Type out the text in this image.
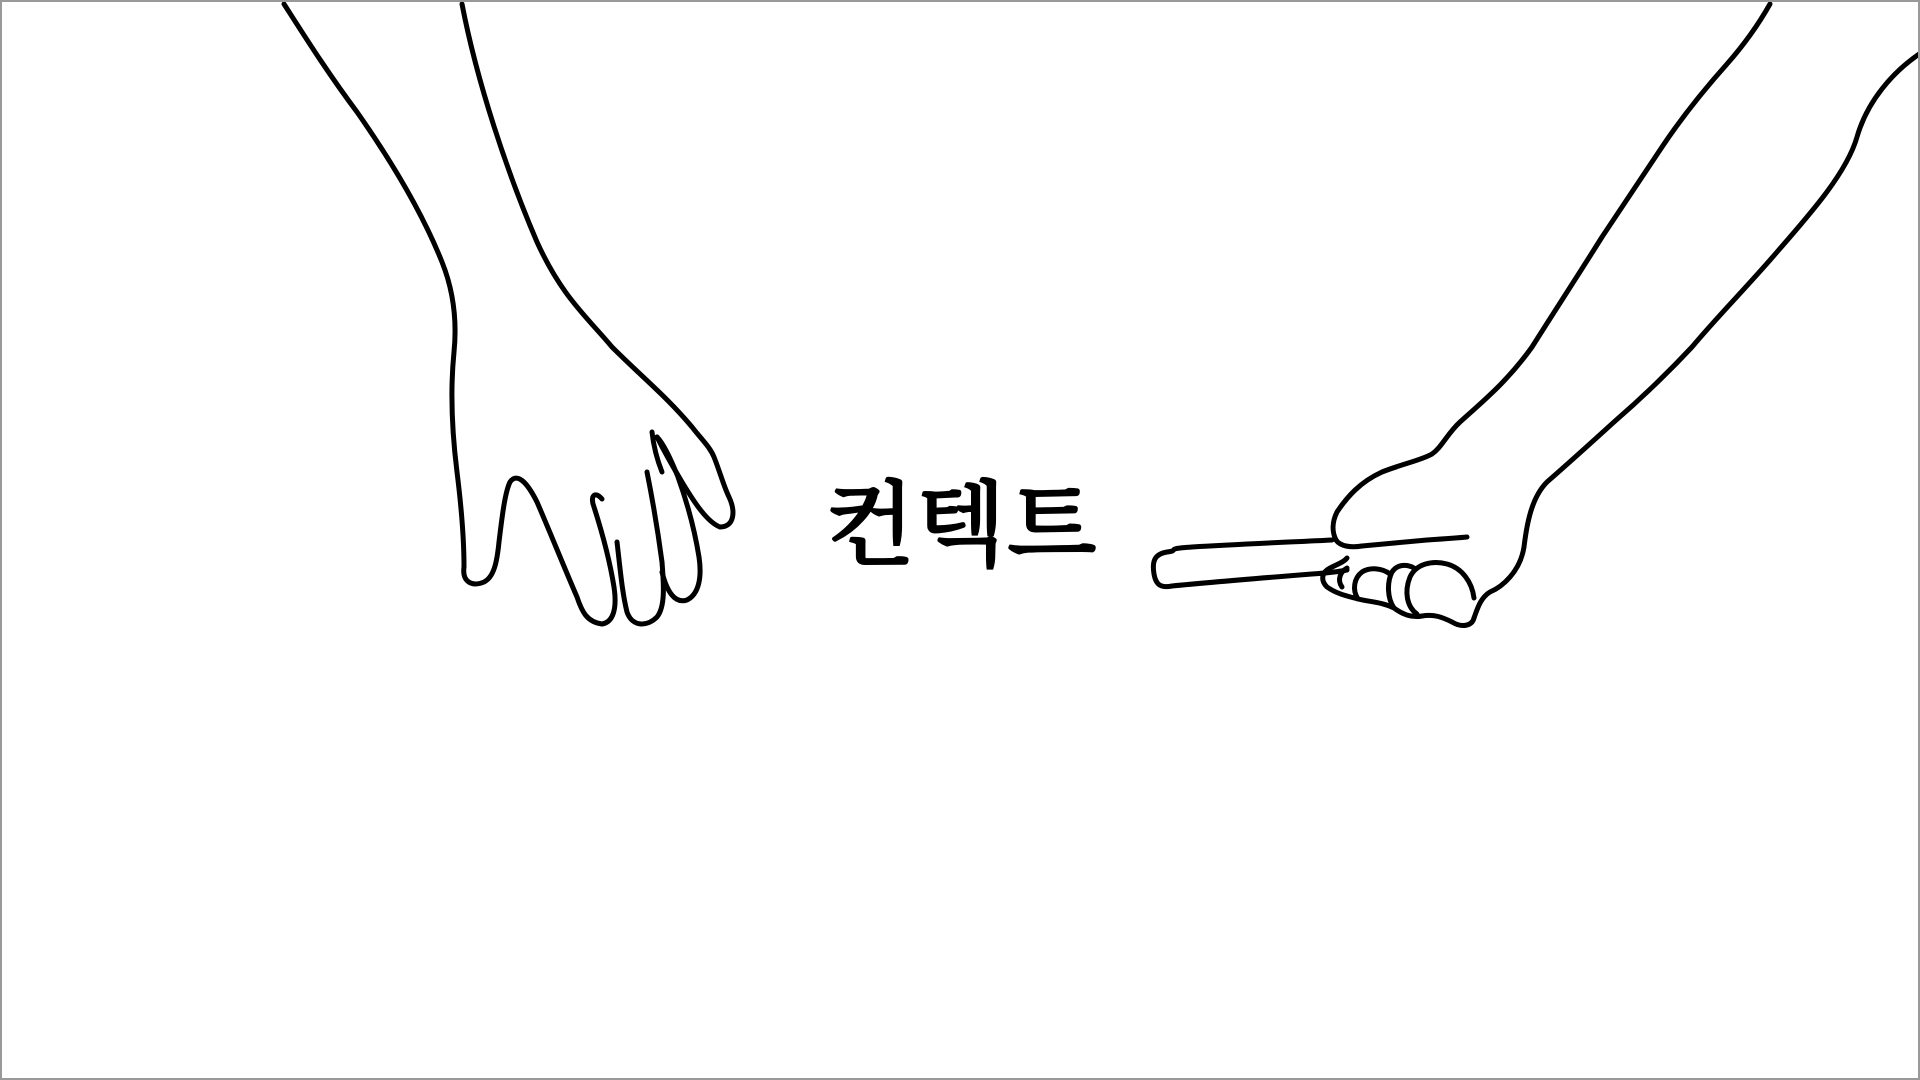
컨텍트
